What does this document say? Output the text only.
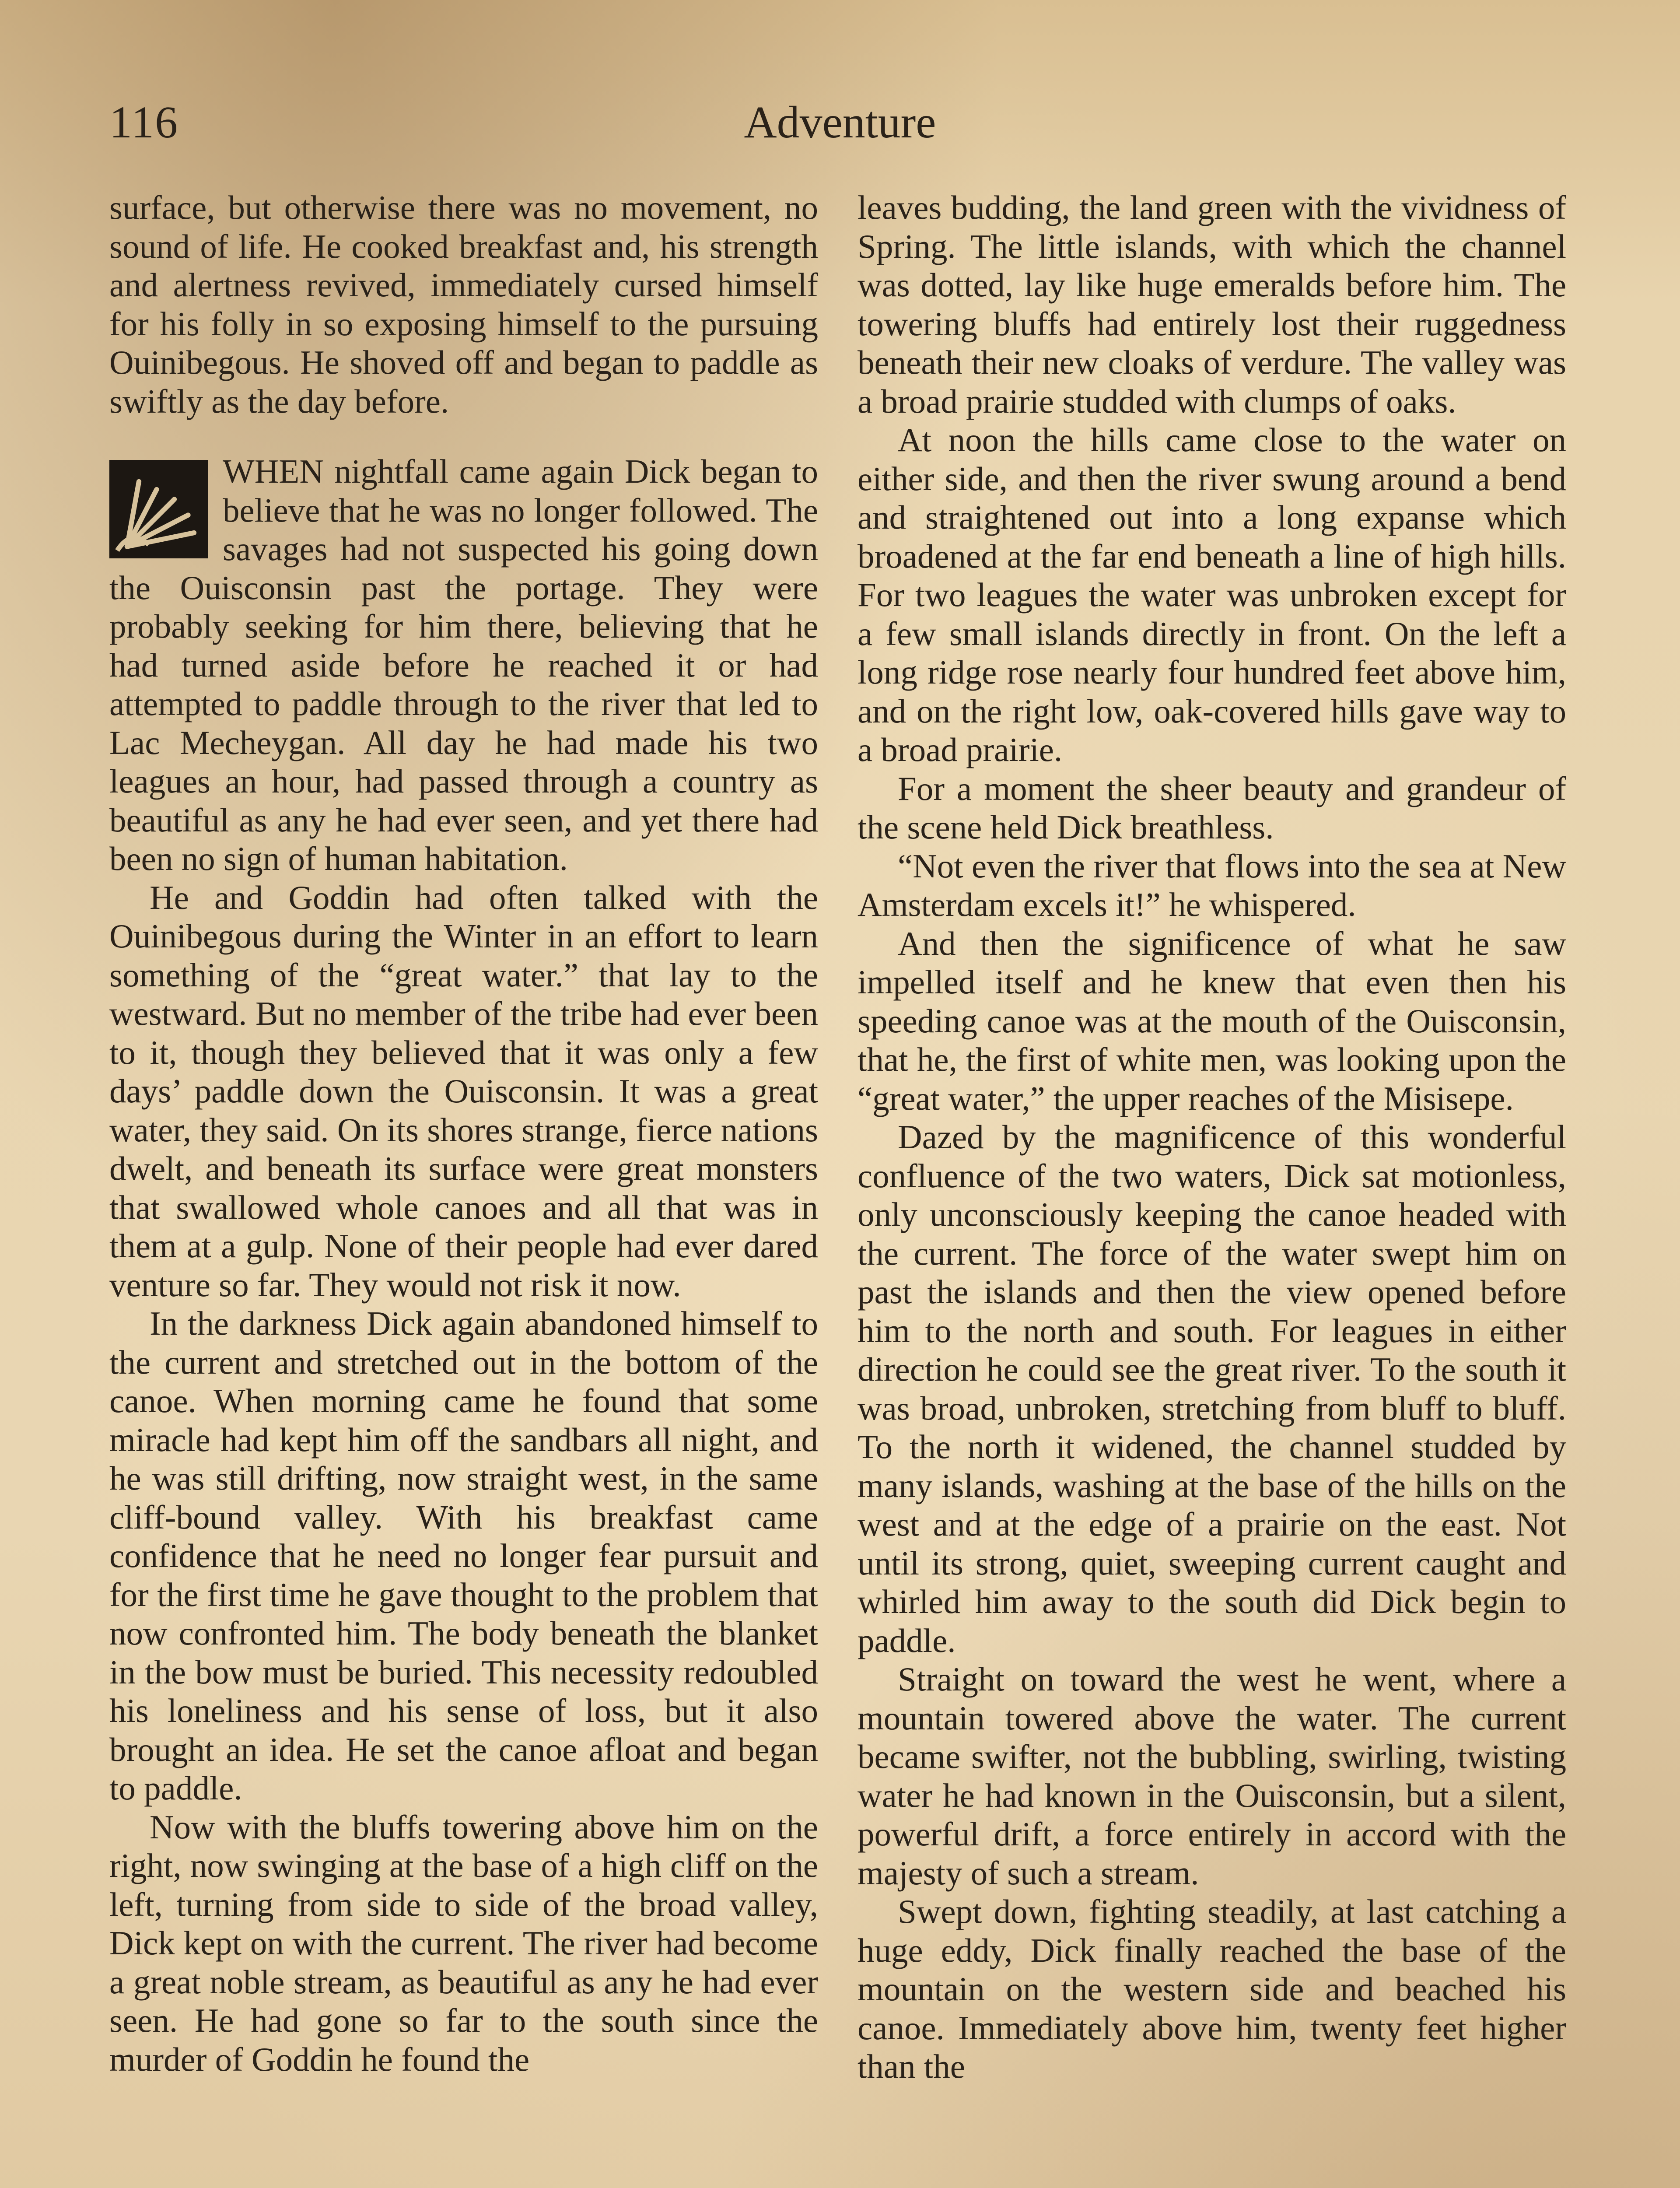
116	Adventure

surface, but otherwise there was no movement, no sound of life. He cooked breakfast and, his strength and alertness revived, immediately cursed himself for his folly in so exposing himself to the pursuing Ouinibegous. He shoved off and began to paddle as swiftly as the day before.

WHEN nightfall came again Dick began to believe that he was no longer followed. The savages had not suspected his going down the Ouisconsin past the portage. They were probably seeking for him there, believing that he had turned aside before he reached it or had attempted to paddle through to the river that led to Lac Mecheygan. All day he had made his two leagues an hour, had passed through a country as beautiful as any he had ever seen, and yet there had been no sign of human habitation.

He and Goddin had often talked with the Ouinibegous during the Winter in an effort to learn something of the “great water.” that lay to the westward. But no member of the tribe had ever been to it, though they believed that it was only a few days’ paddle down the Ouisconsin. It was a great water, they said. On its shores strange, fierce nations dwelt, and beneath its surface were great monsters that swallowed whole canoes and all that was in them at a gulp. None of their people had ever dared venture so far. They would not risk it now.

In the darkness Dick again abandoned himself to the current and stretched out in the bottom of the canoe. When morning came he found that some miracle had kept him off the sandbars all night, and he was still drifting, now straight west, in the same cliff-bound valley. With his breakfast came confidence that he need no longer fear pursuit and for the first time he gave thought to the problem that now confronted him. The body beneath the blanket in the bow must be buried. This necessity redoubled his loneliness and his sense of loss, but it also brought an idea. He set the canoe afloat and began to paddle.

Now with the bluffs towering above him on the right, now swinging at the base of a high cliff on the left, turning from side to side of the broad valley, Dick kept on with the current. The river had become a great noble stream, as beautiful as any he had ever seen. He had gone so far to the south since the murder of Goddin he found the

leaves budding, the land green with the vividness of Spring. The little islands, with which the channel was dotted, lay like huge emeralds before him. The towering bluffs had entirely lost their ruggedness beneath their new cloaks of verdure. The valley was a broad prairie studded with clumps of oaks.

At noon the hills came close to the water on either side, and then the river swung around a bend and straightened out into a long expanse which broadened at the far end beneath a line of high hills. For two leagues the water was unbroken except for a few small islands directly in front. On the left a long ridge rose nearly four hundred feet above him, and on the right low, oak-covered hills gave way to a broad prairie.

For a moment the sheer beauty and grandeur of the scene held Dick breathless.

“Not even the river that flows into the sea at New Amsterdam excels it!” he whispered.

And then the significence of what he saw impelled itself and he knew that even then his speeding canoe was at the mouth of the Ouisconsin, that he, the first of white men, was looking upon the “great water,” the upper reaches of the Misisepe.

Dazed by the magnificence of this wonderful confluence of the two waters, Dick sat motionless, only unconsciously keeping the canoe headed with the current. The force of the water swept him on past the islands and then the view opened before him to the north and south. For leagues in either direction he could see the great river. To the south it was broad, unbroken, stretching from bluff to bluff. To the north it widened, the channel studded by many islands, washing at the base of the hills on the west and at the edge of a prairie on the east. Not until its strong, quiet, sweeping current caught and whirled him away to the south did Dick begin to paddle.

Straight on toward the west he went, where a mountain towered above the water. The current became swifter, not the bubbling, swirling, twisting water he had known in the Ouisconsin, but a silent, powerful drift, a force entirely in accord with the majesty of such a stream.

Swept down, fighting steadily, at last catching a huge eddy, Dick finally reached the base of the mountain on the western side and beached his canoe. Immediately above him, twenty feet higher than the
